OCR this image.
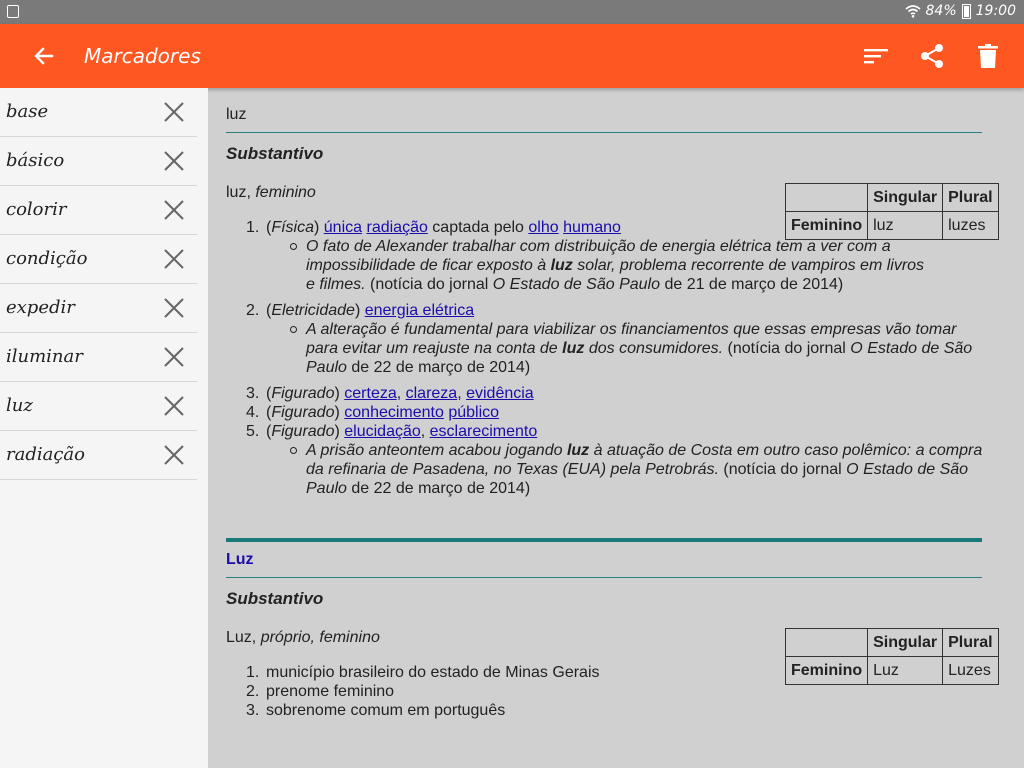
84% 19:00
Marcadores
base
básico
colorir
condição
expedir
iluminar
luz
radiação
luz
Substantivo
luz, feminino
		Singular	Plural
Feminino	luz	luzes
1. (Física) única radiação captada pelo olho humano
O fato de Alexander trabalhar com distribuição de energia elétrica tem a ver com a impossibilidade de ficar exposto à luz solar, problema recorrente de vampiros em livros e filmes. (notícia do jornal O Estado de São Paulo de 21 de março de 2014)
2. (Eletricidade) energia elétrica
A alteração é fundamental para viabilizar os financiamentos que essas empresas vão tomar para evitar um reajuste na conta de luz dos consumidores. (notícia do jornal O Estado de São Paulo de 22 de março de 2014)
3. (Figurado) certeza, clareza, evidência
4. (Figurado) conhecimento público
5. (Figurado) elucidação, esclarecimento
A prisão anteontem acabou jogando luz à atuação de Costa em outro caso polêmico: a compra da refinaria de Pasadena, no Texas (EUA) pela Petrobrás. (notícia do jornal O Estado de São Paulo de 22 de março de 2014)
Luz
Substantivo
Luz, próprio, feminino
		Singular	Plural
Feminino	Luz	Luzes
1. município brasileiro do estado de Minas Gerais
2. prenome feminino
3. sobrenome comum em português
